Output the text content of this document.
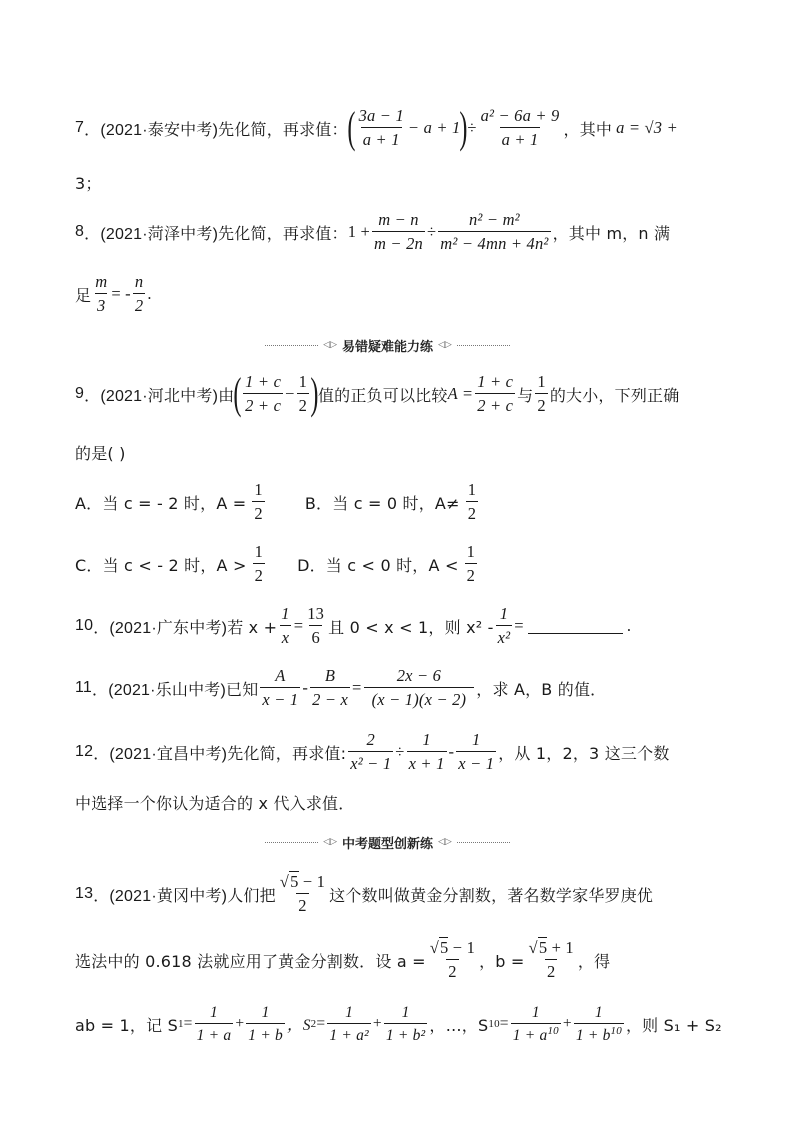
7 ． (2021·泰安中考) 先化简，再求值： ( $\frac{3a - 1}{a + 1} - a + 1$ ) ÷ $\frac{\text{a² − 6a + 9}}{a + 1}$ ，其中 a = √3 +
3；
8 ． (2021·菏泽中考) 先化简，再求值： $1 + \frac{m - n}{m - 2n} \div \frac{\text{n² − m²}}{\text{m² − 4mn + 4n²}}$ ，其中 m，n 满
足 $\frac{m}{3}$ = - $\frac{n}{2}$ .
◁▷ 易错疑难能力练 ◁▷
9 ． (2021·河北中考) 由 ( $\frac{1 + c}{2 + c} - \frac{1}{2}$ ) 值的正负可以比较 $A = \frac{1 + c}{2 + c}$ 与 $\frac{1}{2}$ 的大小，下列正确
的是( )
A．当 c = - 2 时，$A = \frac{1}{2}$	B．当 c = 0 时，$A\ne \frac{1}{2}$
C．当 c < - 2 时，$A > \frac{1}{2}$ D．当 c < 0 时，$A < \frac{1}{2}$
10 ． (2021·广东中考) 若 $x + \frac{1}{x} = \frac{13}{6}$ 且 0 < x < 1，则 $x^2 - \frac{1}{\text{x²}}$ =	.
11 ． (2021·乐山中考) 已知 $\frac{A}{x - 1} - \frac{B}{2 - x} = \frac{2x - 6}{(x - 1)(x - 2)}$ ，求 A，B 的值．
12 ． (2021·宜昌中考) 先化简，再求值: $\frac{2}{\text{x² − 1}} \div \frac{1}{x + 1} - \frac{1}{x - 1}$ ，从 1，2，3 这三个数
中选择一个你认为适合的 x 代入求值．
◁▷ 中考题型创新练 ◁▷
13 ． (2021·黄冈中考) 人们把 $\frac{√5 - 1}{2}$ 这个数叫做黄金分割数，著名数学家华罗庚优
选法中的 0.618 法就应用了黄金分割数．设 $a = \frac{√5 - 1}{2}$ ，$b = \frac{√5 + 1}{2}$ ，得
ab = 1，记 S $1 = \frac{1}{1 + a} + \frac{1}{1 + b}$ ，S $2 = \frac{1}{\text{1 + a²}} + \frac{1}{\text{1 + b²}}$ ，…，S $10 = \frac{1}{1 + a^{10}} + \frac{1}{1 + b^{10}}$ ，则 S₁ + S₂
